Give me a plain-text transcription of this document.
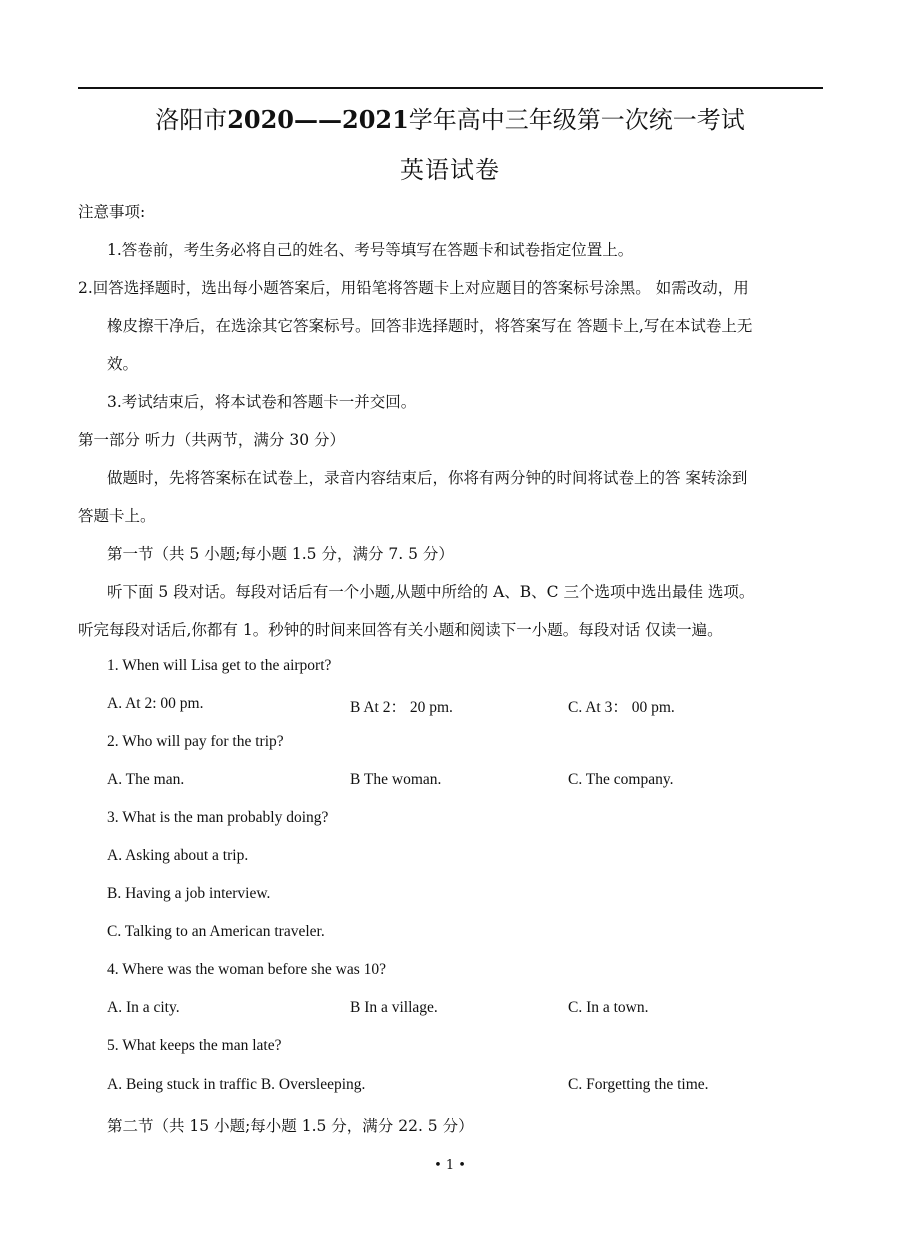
洛阳市2020——2021学年高中三年级第一次统一考试
英语试卷
注意事项:
1.答卷前，考生务必将自己的姓名、考号等填写在答题卡和试卷指定位置上。
2.回答选择题时，选出每小题答案后，用铅笔将答题卡上对应题目的答案标号涂黑。 如需改动，用
橡皮擦干净后，在选涂其它答案标号。回答非选择题时，将答案写在 答题卡上,写在本试卷上无
效。
3.考试结束后，将本试卷和答题卡一并交回。
第一部分 听力（共两节，满分 30 分）
做题时，先将答案标在试卷上，录音内容结束后，你将有两分钟的时间将试卷上的答 案转涂到
答题卡上。
第一节（共 5 小题;每小题 1.5 分，满分 7. 5 分）
听下面 5 段对话。每段对话后有一个小题,从题中所给的 A、B、C 三个选项中选出最佳 选项。
听完每段对话后,你都有 1。秒钟的时间来回答有关小题和阅读下一小题。每段对话 仅读一遍。
1. When will Lisa get to the airport?
A. At 2: 00 pm.	B At 2： 20 pm.	C. At 3： 00 pm.
2. Who will pay for the trip?
A. The man.	B The woman.	C. The company.
3. What is the man probably doing?
A. Asking about a trip.
B. Having a job interview.
C. Talking to an American traveler.
4. Where was the woman before she was 10?
A. In a city.	B In a village.	C. In a town.
5. What keeps the man late?
A. Being stuck in traffic B. Oversleeping.	C. Forgetting the time.
第二节（共 15 小题;每小题 1.5 分，满分 22. 5 分）
• 1 •
